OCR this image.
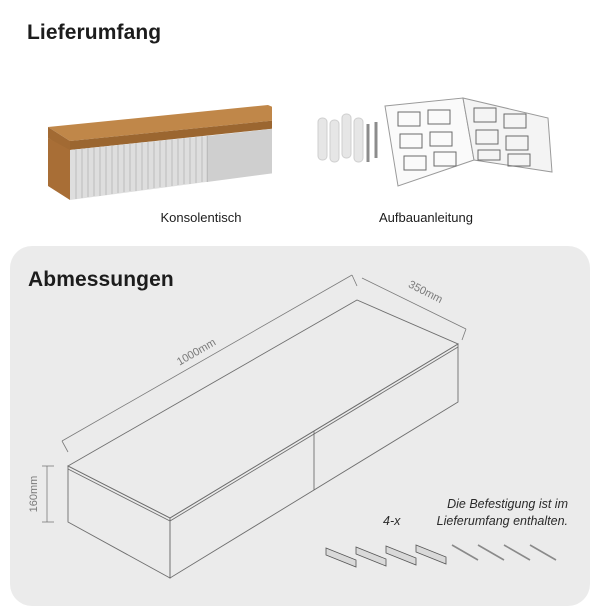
Lieferumfang
Konsolentisch	Aufbauanleitung
Abmessungen
1000mm
350mm
160mm
4-x
Die Befestigung ist im
Lieferumfang enthalten.
